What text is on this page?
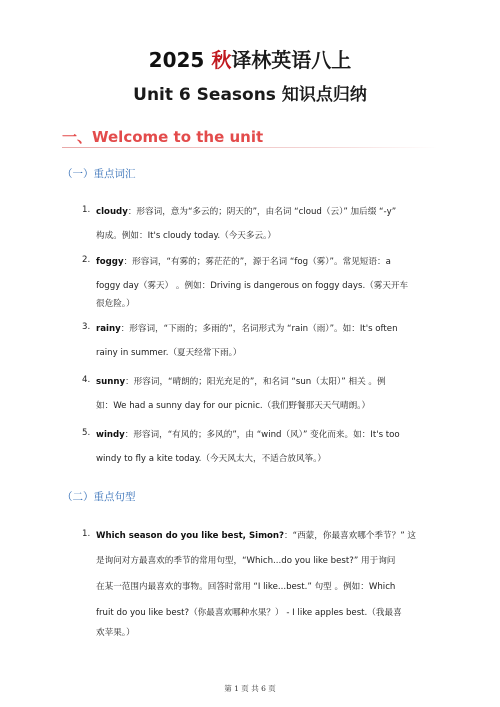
2025 秋译林英语八上
Unit 6 Seasons 知识点归纳
一、Welcome to the unit
（一）重点词汇
1. cloudy：形容词，意为“多云的；阴天的”，由名词 “cloud（云）” 加后缀 “-y”
构成。例如：It's cloudy today.（今天多云。）
2. foggy：形容词，“有雾的；雾茫茫的”，源于名词 “fog（雾）”。常见短语：a
foggy day（雾天） 。例如：Driving is dangerous on foggy days.（雾天开车
很危险。）
3. rainy：形容词，“下雨的；多雨的”，名词形式为 “rain（雨）”。如：It's often
rainy in summer.（夏天经常下雨。）
4. sunny：形容词，“晴朗的；阳光充足的”，和名词 “sun（太阳）” 相关 。例
如：We had a sunny day for our picnic.（我们野餐那天天气晴朗。）
5. windy：形容词，“有风的；多风的”，由 “wind（风）” 变化而来。如：It's too
windy to fly a kite today.（今天风太大，不适合放风筝。）
（二）重点句型
1. Which season do you like best, Simon?：“西蒙，你最喜欢哪个季节？” 这
是询问对方最喜欢的季节的常用句型，“Which...do you like best?” 用于询问
在某一范围内最喜欢的事物。回答时常用 “I like...best.” 句型 。例如：Which
fruit do you like best?（你最喜欢哪种水果？） - I like apples best.（我最喜
欢苹果。）
第 1 页 共 6 页
